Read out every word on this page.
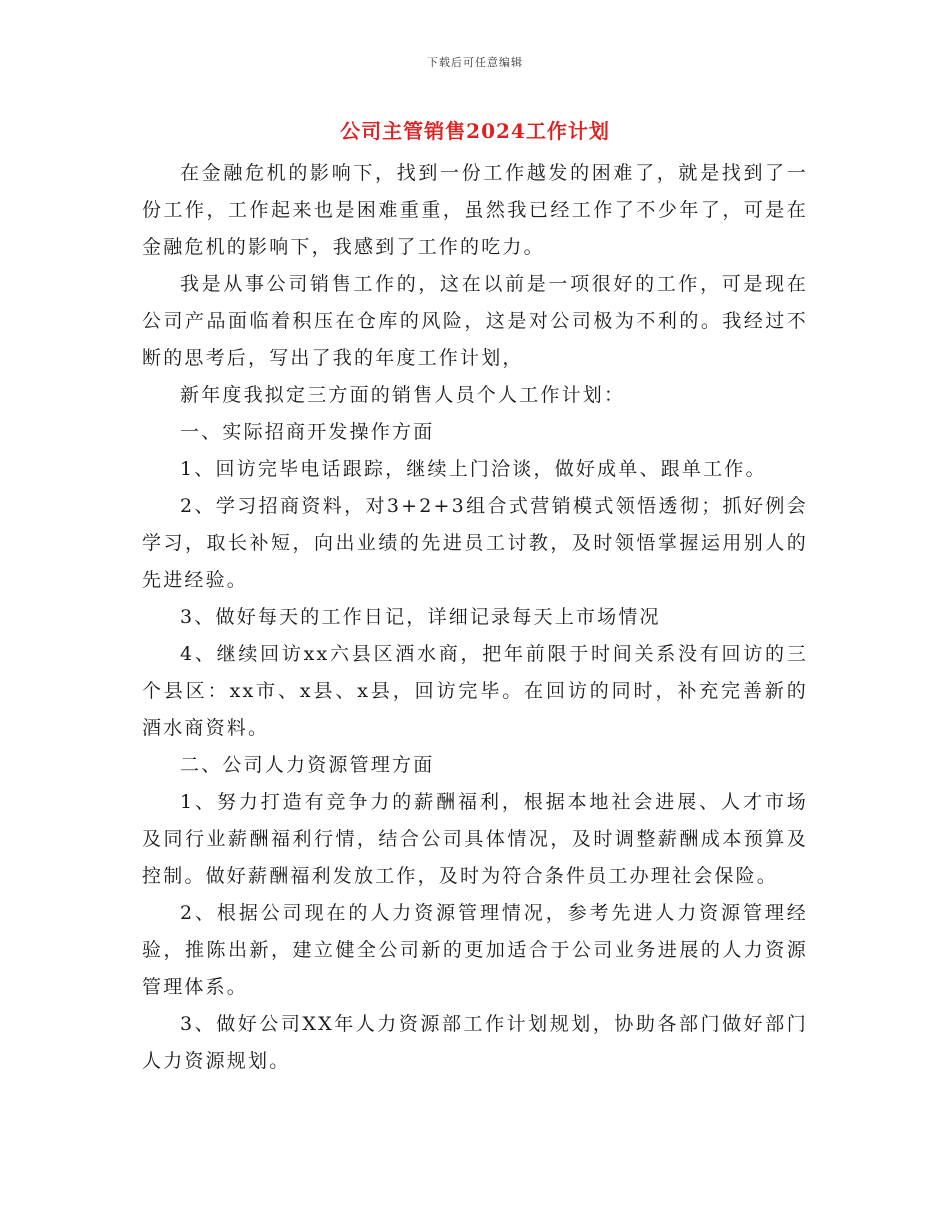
下载后可任意编辑
公司主管销售2024工作计划

在金融危机的影响下，找到一份工作越发的困难了，就是找到了一份工作，工作起来也是困难重重，虽然我已经工作了不少年了，可是在金融危机的影响下，我感到了工作的吃力。

我是从事公司销售工作的，这在以前是一项很好的工作，可是现在公司产品面临着积压在仓库的风险，这是对公司极为不利的。我经过不断的思考后，写出了我的年度工作计划，

新年度我拟定三方面的销售人员个人工作计划：

一、实际招商开发操作方面

1、回访完毕电话跟踪，继续上门洽谈，做好成单、跟单工作。

2、学习招商资料，对3+2+3组合式营销模式领悟透彻；抓好例会学习，取长补短，向出业绩的先进员工讨教，及时领悟掌握运用别人的先进经验。

3、做好每天的工作日记，详细记录每天上市场情况

4、继续回访xx六县区酒水商，把年前限于时间关系没有回访的三个县区：xx市、x县、x县，回访完毕。在回访的同时，补充完善新的酒水商资料。

二、公司人力资源管理方面

1、努力打造有竞争力的薪酬福利，根据本地社会进展、人才市场及同行业薪酬福利行情，结合公司具体情况，及时调整薪酬成本预算及控制。做好薪酬福利发放工作，及时为符合条件员工办理社会保险。

2、根据公司现在的人力资源管理情况，参考先进人力资源管理经验，推陈出新，建立健全公司新的更加适合于公司业务进展的人力资源管理体系。

3、做好公司XX年人力资源部工作计划规划，协助各部门做好部门人力资源规划。
